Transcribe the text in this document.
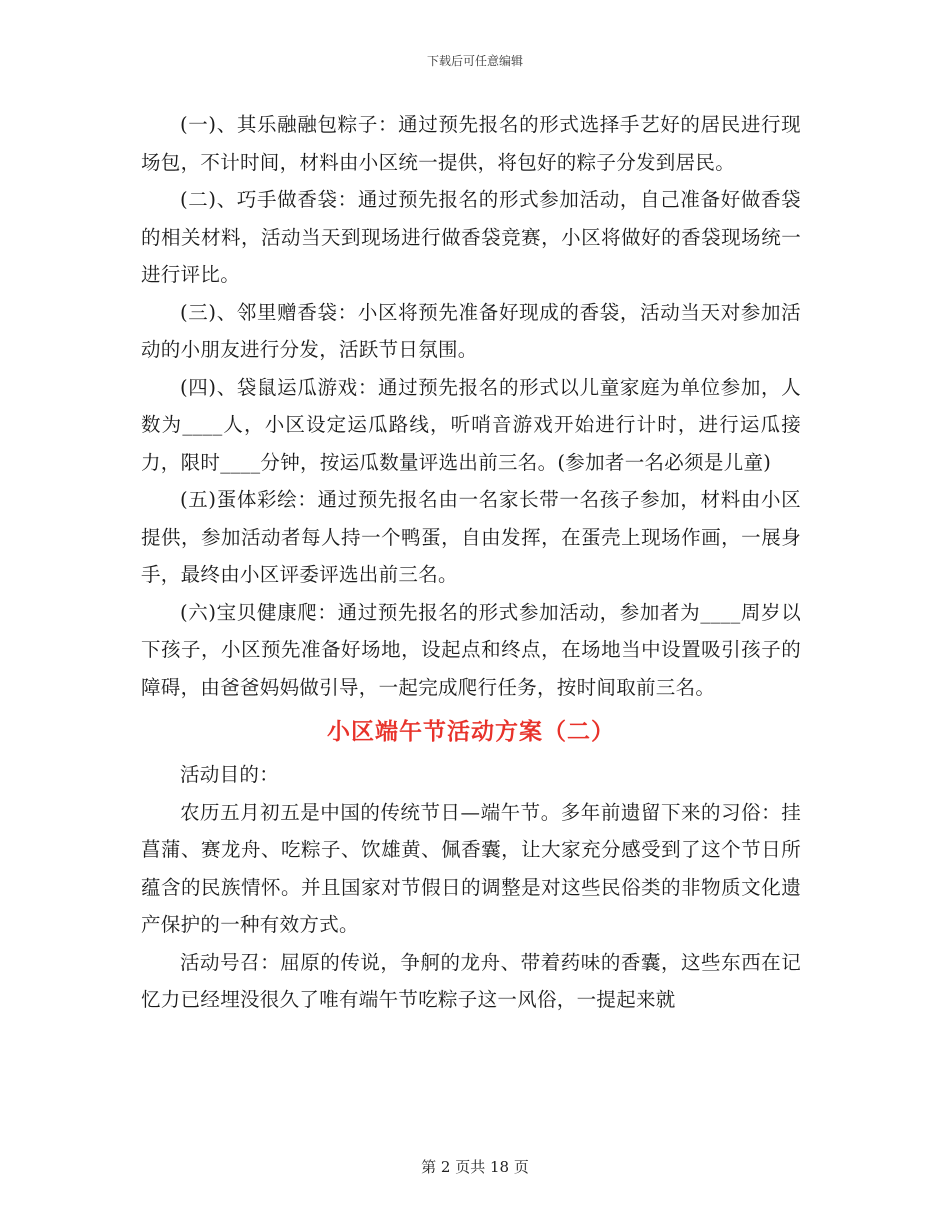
下载后可任意编辑

(一)、其乐融融包粽子：通过预先报名的形式选择手艺好的居民进行现场包，不计时间，材料由小区统一提供，将包好的粽子分发到居民。

(二)、巧手做香袋：通过预先报名的形式参加活动，自己准备好做香袋的相关材料，活动当天到现场进行做香袋竞赛，小区将做好的香袋现场统一进行评比。

(三)、邻里赠香袋：小区将预先准备好现成的香袋，活动当天对参加活动的小朋友进行分发，活跃节日氛围。

(四)、袋鼠运瓜游戏：通过预先报名的形式以儿童家庭为单位参加，人数为____人，小区设定运瓜路线，听哨音游戏开始进行计时，进行运瓜接力，限时____分钟，按运瓜数量评选出前三名。(参加者一名必须是儿童)

(五)蛋体彩绘：通过预先报名由一名家长带一名孩子参加，材料由小区提供，参加活动者每人持一个鸭蛋，自由发挥，在蛋壳上现场作画，一展身手，最终由小区评委评选出前三名。

(六)宝贝健康爬：通过预先报名的形式参加活动，参加者为____周岁以下孩子，小区预先准备好场地，设起点和终点，在场地当中设置吸引孩子的障碍，由爸爸妈妈做引导，一起完成爬行任务，按时间取前三名。

小区端午节活动方案（二）

活动目的：

农历五月初五是中国的传统节日—端午节。多年前遗留下来的习俗：挂菖蒲、赛龙舟、吃粽子、饮雄黄、佩香囊，让大家充分感受到了这个节日所蕴含的民族情怀。并且国家对节假日的调整是对这些民俗类的非物质文化遗产保护的一种有效方式。

活动号召：屈原的传说，争舸的龙舟、带着药味的香囊，这些东西在记忆力已经埋没很久了唯有端午节吃粽子这一风俗，一提起来就

第 2 页共 18 页
